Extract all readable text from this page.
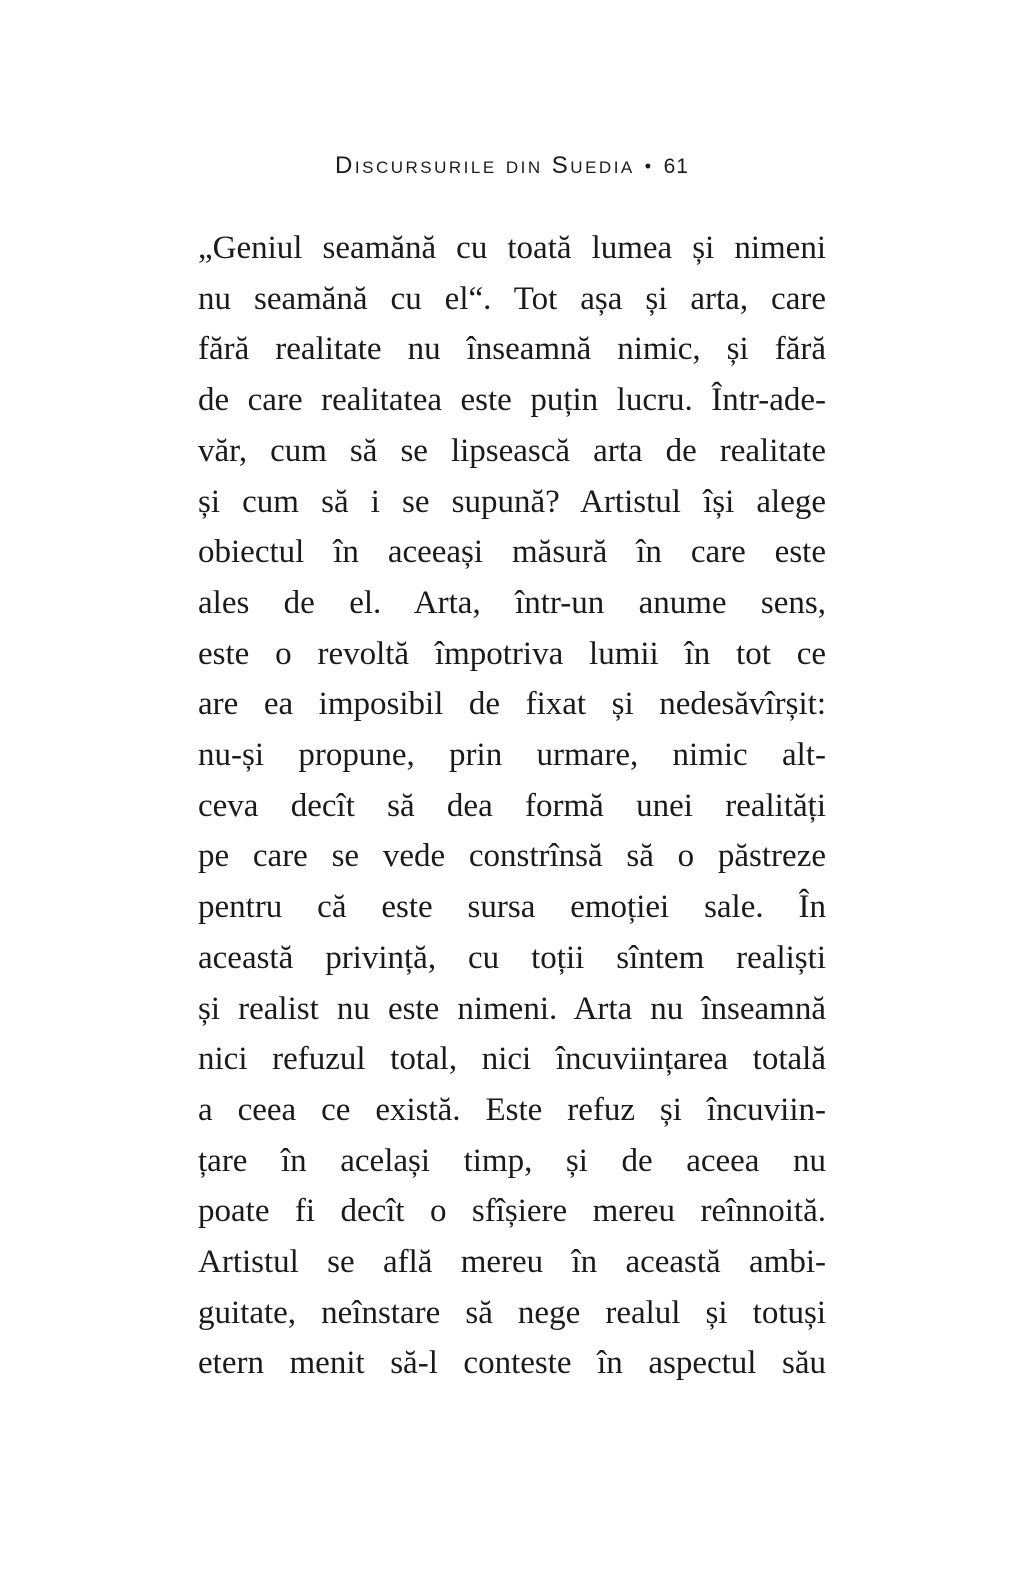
Discursurile din Suedia • 61
„Geniul seamănă cu toată lumea și nimeni
nu seamănă cu el“. Tot așa și arta, care
fără realitate nu înseamnă nimic, și fără
de care realitatea este puțin lucru. Într-ade-
văr, cum să se lipsească arta de realitate
și cum să i se supună? Artistul își alege
obiectul în aceeași măsură în care este
ales de el. Arta, într-un anume sens,
este o revoltă împotriva lumii în tot ce
are ea imposibil de fixat și nedesăvîrșit:
nu-și propune, prin urmare, nimic alt-
ceva decît să dea formă unei realități
pe care se vede constrînsă să o păstreze
pentru că este sursa emoției sale. În
această privință, cu toții sîntem realiști
și realist nu este nimeni. Arta nu înseamnă
nici refuzul total, nici încuviințarea totală
a ceea ce există. Este refuz și încuviin-
țare în același timp, și de aceea nu
poate fi decît o sfîșiere mereu reînnoită.
Artistul se află mereu în această ambi-
guitate, neînstare să nege realul și totuși
etern menit să-l conteste în aspectul său
